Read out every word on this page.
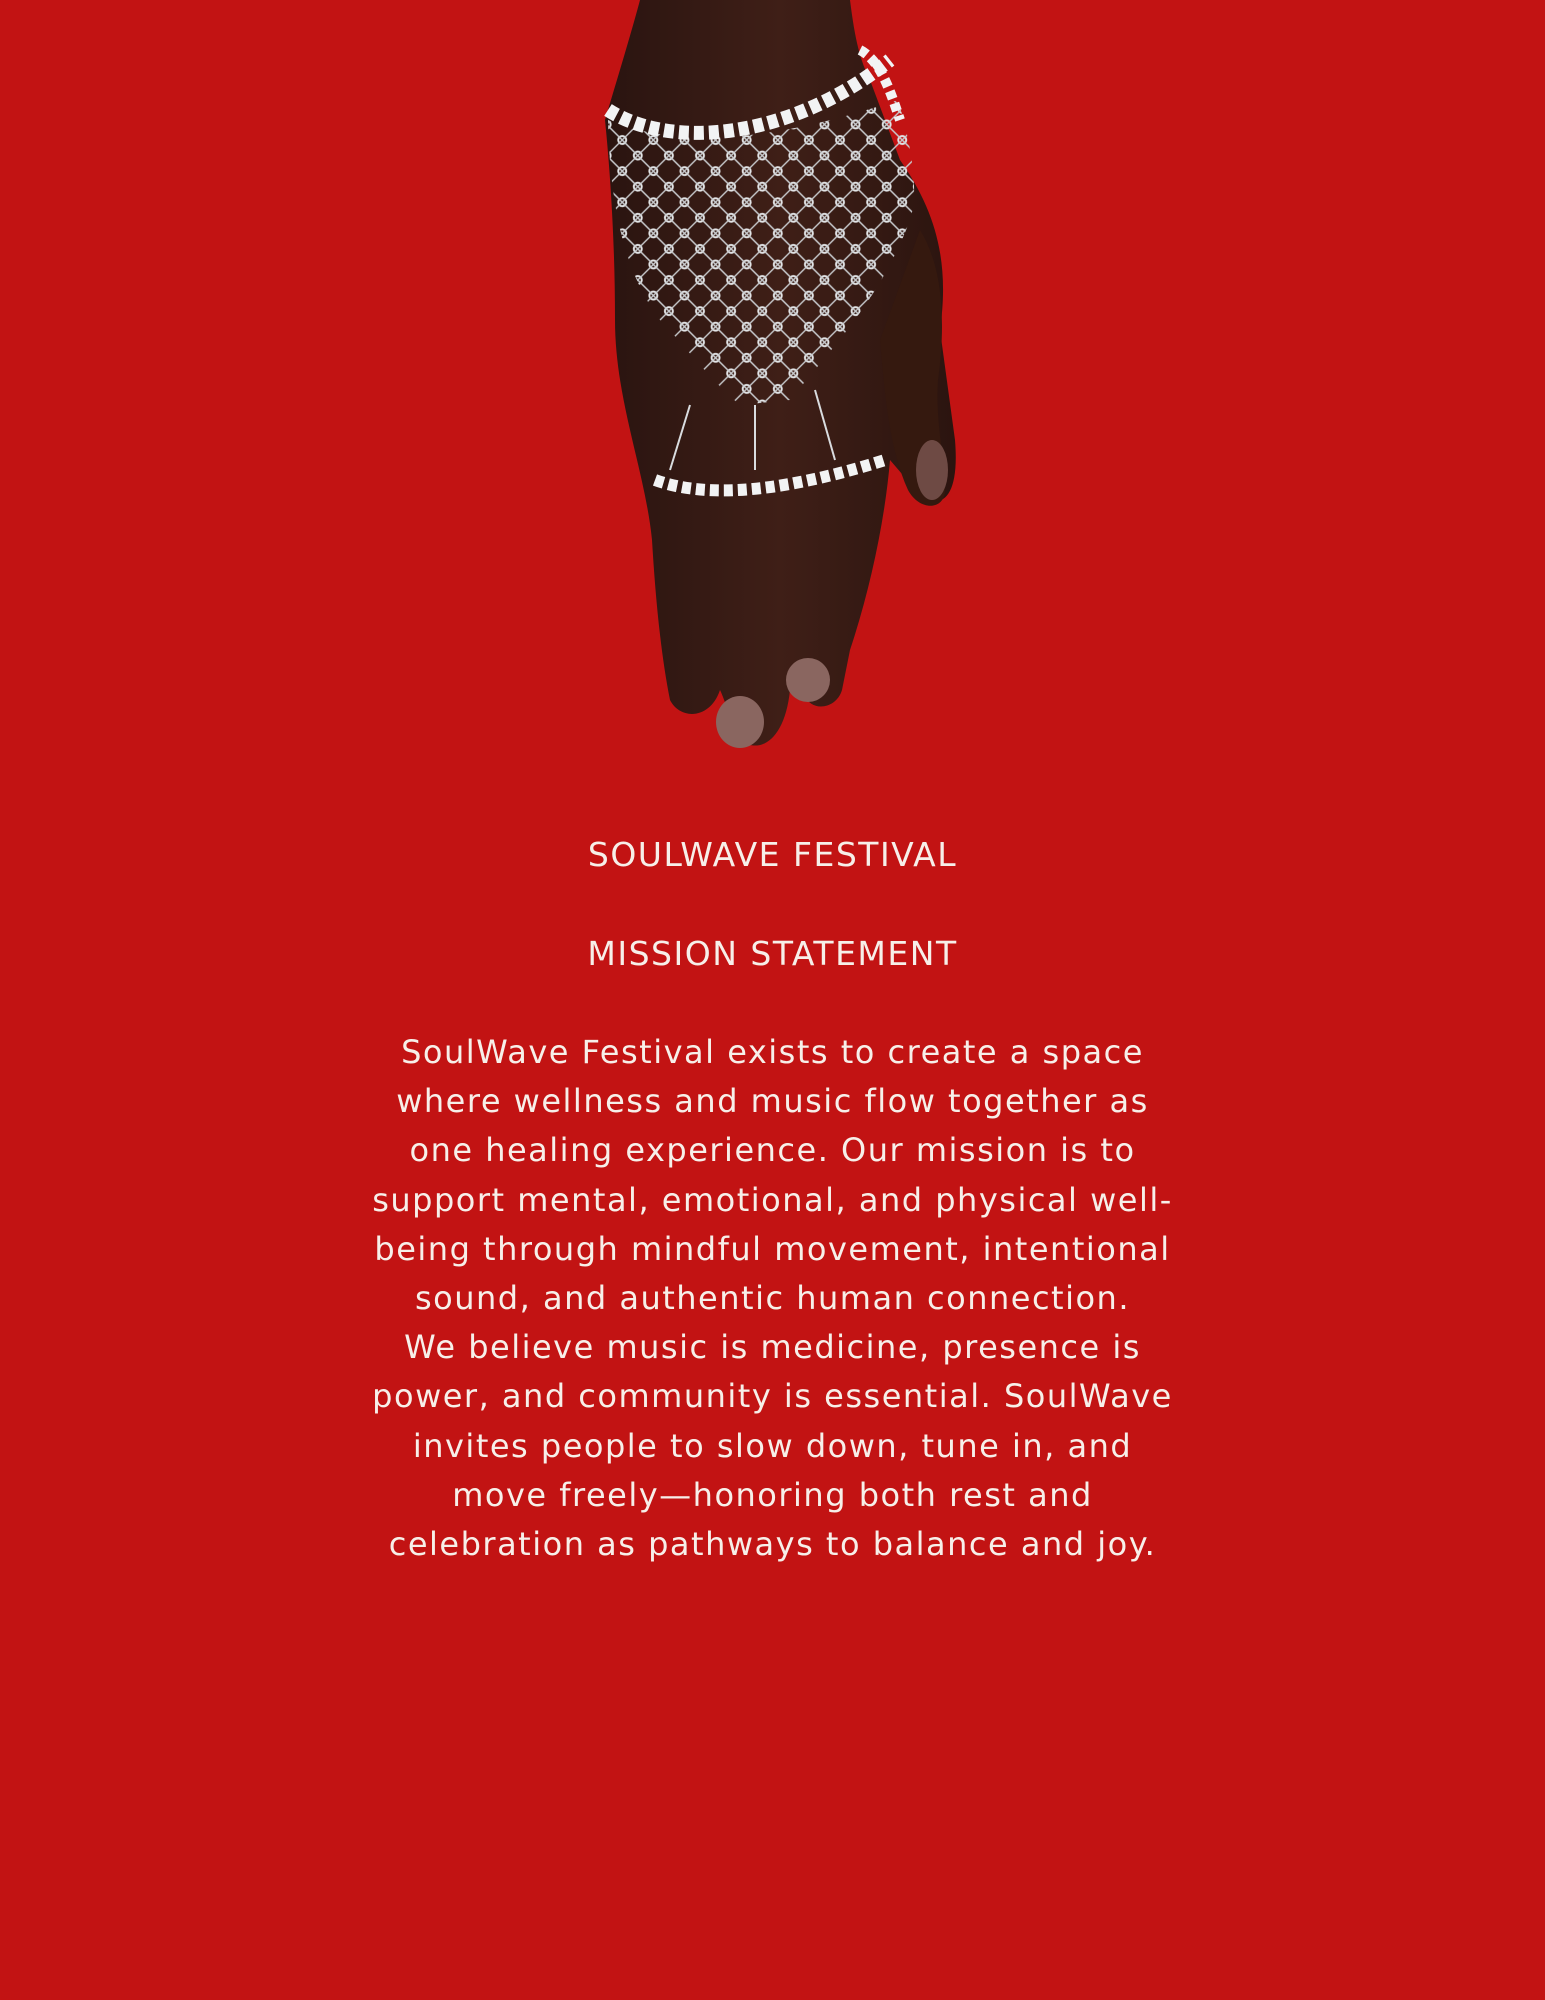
SOULWAVE FESTIVAL
MISSION STATEMENT

SoulWave Festival exists to create a space where wellness and music flow together as one healing experience. Our mission is to support mental, emotional, and physical well-being through mindful movement, intentional sound, and authentic human connection.

We believe music is medicine, presence is power, and community is essential. SoulWave invites people to slow down, tune in, and move freely—honoring both rest and celebration as pathways to balance and joy.
